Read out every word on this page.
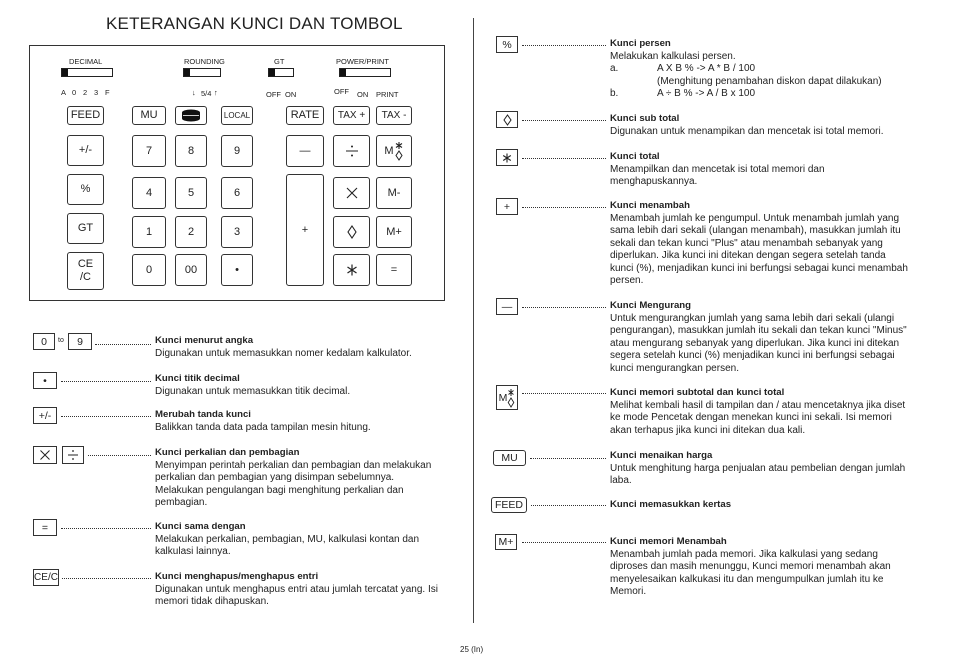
KETERANGAN KUNCI DAN TOMBOL
DECIMAL
A 0 2 3 F
ROUNDING
↓ 5/4 ↑
GT
OFF ON
POWER/PRINT
OFF ON PRINT
FEED	MU	LOCAL	RATE	TAX +	TAX -
+/-
%
GT
CE
/C
7	8	9
4	5	6
1	2	3
0	00	•
—
+
M
M-
M+
=
0	to	9	Kunci menurut angka
Digunakan untuk memasukkan nomer kedalam kalkulator.
•	Kunci titik decimal
Digunakan untuk memasukkan titik decimal.
+/-	Merubah tanda kunci
Balikkan tanda data pada tampilan mesin hitung.
Kunci perkalian dan pembagian
Menyimpan perintah perkalian dan pembagian dan melakukan
perkalian dan pembagian yang disimpan sebelumnya.
Melakukan pengulangan bagi menghitung perkalian dan
pembagian.
=	Kunci sama dengan
Melakukan perkalian, pembagian, MU, kalkulasi kontan dan
kalkulasi lainnya.
CE/C	Kunci menghapus/menghapus entri
Digunakan untuk menghapus entri atau jumlah tercatat yang. Isi
memori tidak dihapuskan.
%	Kunci persen
Melakukan kalkulasi persen.
a.	A X B % -> A * B / 100
(Menghitung penambahan diskon dapat dilakukan)
b.	A ÷ B % -> A / B x 100
Kunci sub total
Digunakan untuk menampikan dan mencetak isi total memori.
Kunci total
Menampilkan dan mencetak isi total memori dan
menghapuskannya.
+	Kunci menambah
Menambah jumlah ke pengumpul. Untuk menambah jumlah yang
sama lebih dari sekali (ulangan menambah), masukkan jumlah itu
sekali dan tekan kunci "Plus" atau menambah sebanyak yang
diperlukan. Jika kunci ini ditekan dengan segera setelah tanda
kunci (%), menjadikan kunci ini berfungsi sebagai kunci menambah
persen.
—	Kunci Mengurang
Untuk mengurangkan jumlah yang sama lebih dari sekali (ulangi
pengurangan), masukkan jumlah itu sekali dan tekan kunci "Minus"
atau mengurang sebanyak yang diperlukan. Jika kunci ini ditekan
segera setelah kunci (%) menjadikan kunci ini berfungsi sebagai
kunci mengurangkan persen.
M	Kunci memori subtotal dan kunci total
Melihat kembali hasil di tampilan dan / atau mencetaknya jika diset
ke mode Pencetak dengan menekan kunci ini sekali. Isi memori
akan terhapus jika kunci ini ditekan dua kali.
MU	Kunci menaikan harga
Untuk menghitung harga penjualan atau pembelian dengan jumlah
laba.
FEED	Kunci memasukkan kertas
M+	Kunci memori Menambah
Menambah jumlah pada memori. Jika kalkulasi yang sedang
diproses dan masih menunggu, Kunci memori menambah akan
menyelesaikan kalkukasi itu dan mengumpulkan jumlah itu ke
Memori.
25 (In)
